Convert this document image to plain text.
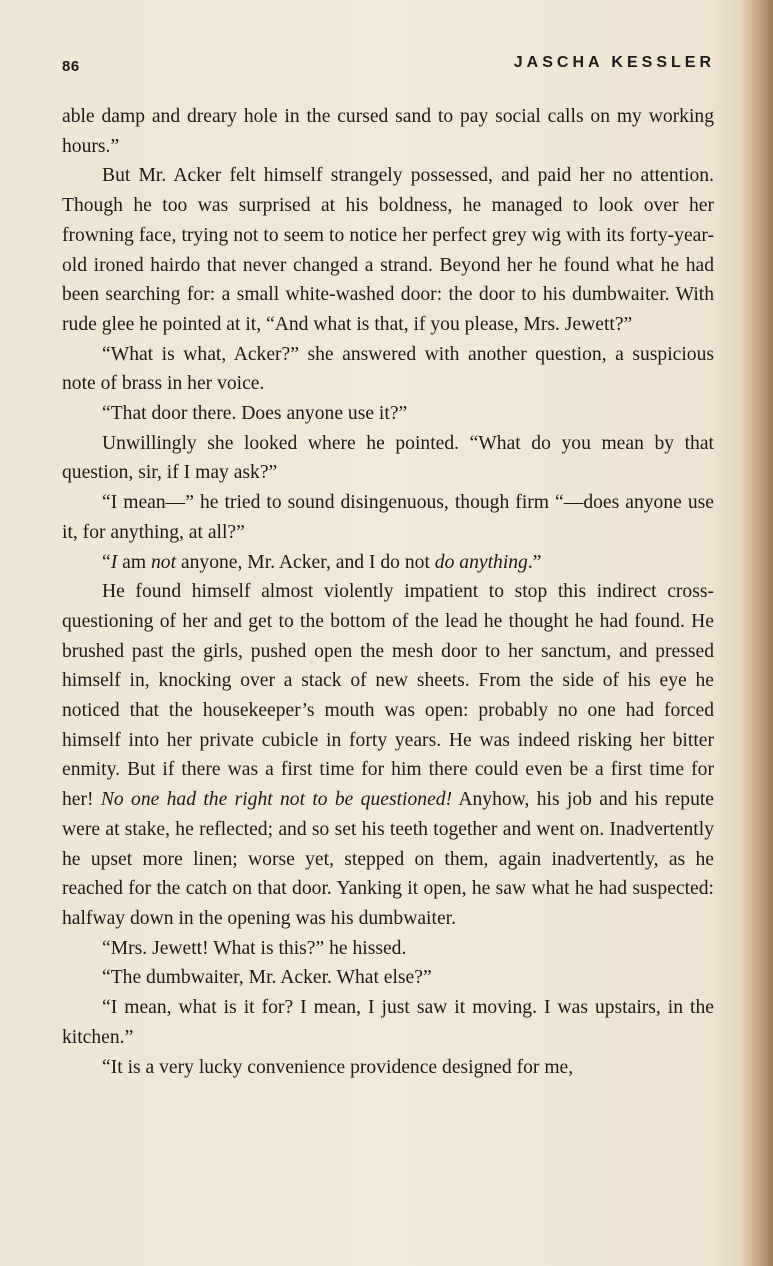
86	JASCHA KESSLER

able damp and dreary hole in the cursed sand to pay social calls on my working hours.”

But Mr. Acker felt himself strangely possessed, and paid her no attention. Though he too was surprised at his boldness, he managed to look over her frowning face, trying not to seem to notice her perfect grey wig with its forty-year-old ironed hairdo that never changed a strand. Beyond her he found what he had been searching for: a small white-washed door: the door to his dumbwaiter. With rude glee he pointed at it, “And what is that, if you please, Mrs. Jewett?”

“What is what, Acker?” she answered with another question, a suspicious note of brass in her voice.

“That door there. Does anyone use it?”

Unwillingly she looked where he pointed. “What do you mean by that question, sir, if I may ask?”

“I mean—” he tried to sound disingenuous, though firm “—does anyone use it, for anything, at all?”

“I am not anyone, Mr. Acker, and I do not do anything.”

He found himself almost violently impatient to stop this indirect cross-questioning of her and get to the bottom of the lead he thought he had found. He brushed past the girls, pushed open the mesh door to her sanctum, and pressed himself in, knocking over a stack of new sheets. From the side of his eye he noticed that the housekeeper’s mouth was open: probably no one had forced himself into her private cubicle in forty years. He was indeed risking her bitter enmity. But if there was a first time for him there could even be a first time for her! No one had the right not to be questioned! Anyhow, his job and his repute were at stake, he reflected; and so set his teeth together and went on. Inadvertently he upset more linen; worse yet, stepped on them, again inadvertently, as he reached for the catch on that door. Yanking it open, he saw what he had suspected: halfway down in the opening was his dumbwaiter.

“Mrs. Jewett! What is this?” he hissed.

“The dumbwaiter, Mr. Acker. What else?”

“I mean, what is it for? I mean, I just saw it moving. I was upstairs, in the kitchen.”

“It is a very lucky convenience providence designed for me,
